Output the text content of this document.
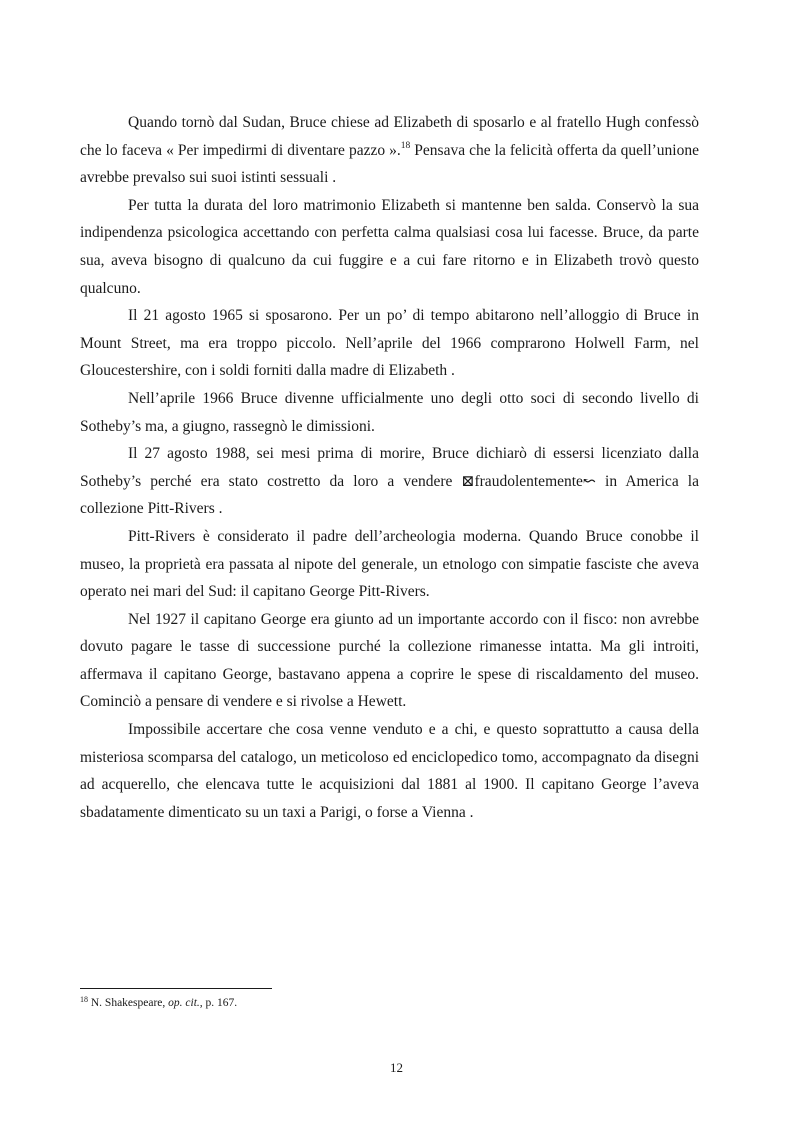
Quando tornò dal Sudan, Bruce chiese ad Elizabeth di sposarlo e al fratello Hugh confessò che lo faceva « Per impedirmi di diventare pazzo ».$^{18}$ Pensava che la felicità offerta da quell’unione avrebbe prevalso sui suoi istinti sessuali .

Per tutta la durata del loro matrimonio Elizabeth si mantenne ben salda. Conservò la sua indipendenza psicologica accettando con perfetta calma qualsiasi cosa lui facesse. Bruce, da parte sua, aveva bisogno di qualcuno da cui fuggire e a cui fare ritorno e in Elizabeth trovò questo qualcuno.

Il 21 agosto 1965 si sposarono. Per un po’ di tempo abitarono nell’alloggio di Bruce in Mount Street, ma era troppo piccolo. Nell’aprile del 1966 comprarono Holwell Farm, nel Gloucestershire, con i soldi forniti dalla madre di Elizabeth .

Nell’aprile 1966 Bruce divenne ufficialmente uno degli otto soci di secondo livello di Sotheby’s ma, a giugno, rassegnò le dimissioni.

Il 27 agosto 1988, sei mesi prima di morire, Bruce dichiarò di essersi licenziato dalla Sotheby’s perché era stato costretto da loro a vendere ⊠fraudolentemente↜ in America la collezione Pitt-Rivers .

Pitt-Rivers è considerato il padre dell’archeologia moderna. Quando Bruce conobbe il museo, la proprietà era passata al nipote del generale, un etnologo con simpatie fasciste che aveva operato nei mari del Sud: il capitano George Pitt-Rivers.

Nel 1927 il capitano George era giunto ad un importante accordo con il fisco: non avrebbe dovuto pagare le tasse di successione purché la collezione rimanesse intatta. Ma gli introiti, affermava il capitano George, bastavano appena a coprire le spese di riscaldamento del museo. Cominciò a pensare di vendere e si rivolse a Hewett.

Impossibile accertare che cosa venne venduto e a chi, e questo soprattutto a causa della misteriosa scomparsa del catalogo, un meticoloso ed enciclopedico tomo, accompagnato da disegni ad acquerello, che elencava tutte le acquisizioni dal 1881 al 1900. Il capitano George l’aveva sbadatamente dimenticato su un taxi a Parigi, o forse a Vienna .

$^{18}$ N. Shakespeare, op. cit., p. 167.
12
